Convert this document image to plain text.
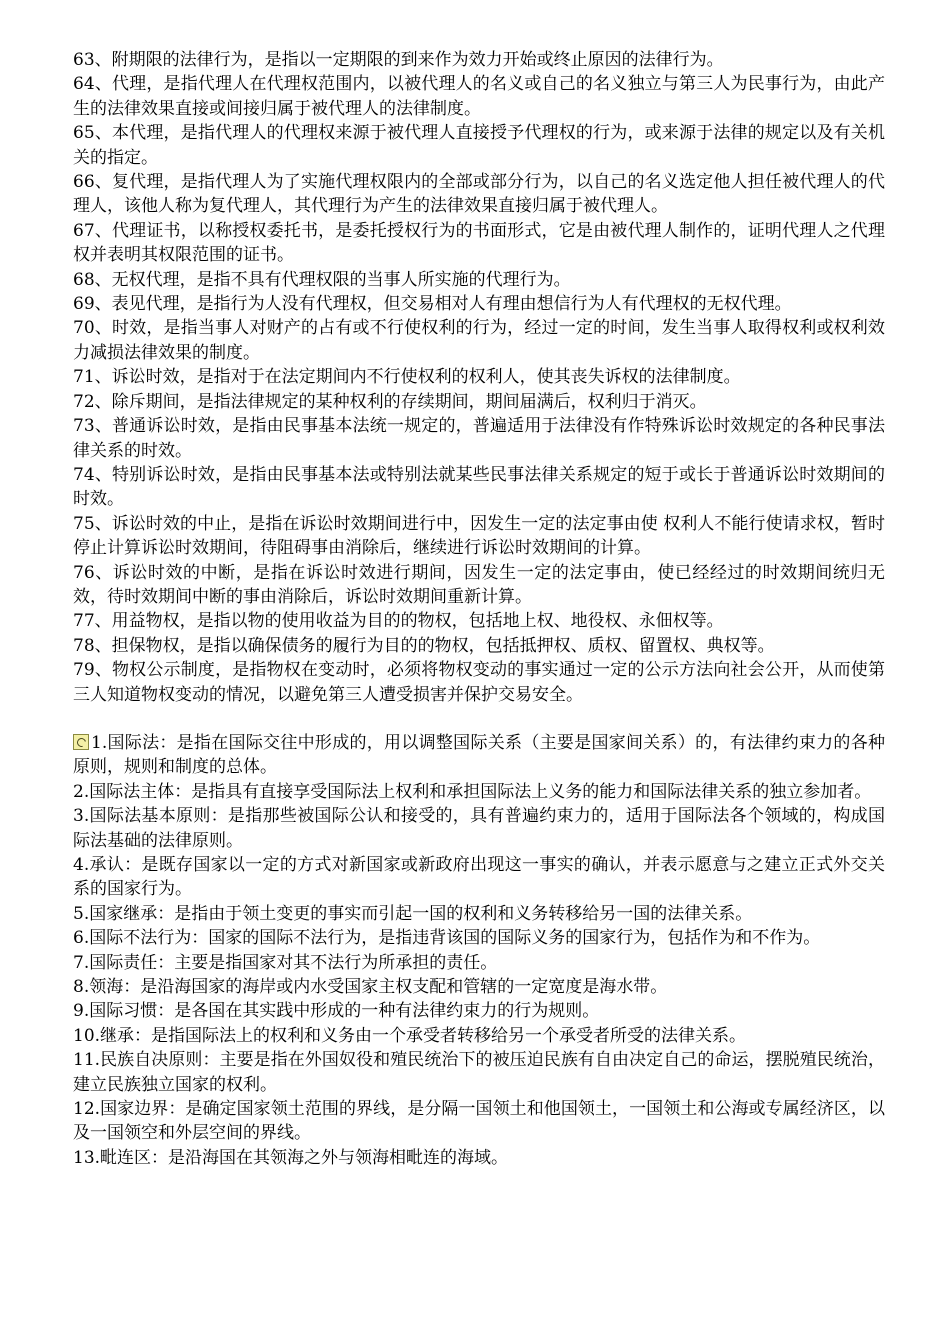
63、附期限的法律行为，是指以一定期限的到来作为效力开始或终止原因的法律行为。

64、代理，是指代理人在代理权范围内，以被代理人的名义或自己的名义独立与第三人为民事行为，由此产生的法律效果直接或间接归属于被代理人的法律制度。

65、本代理，是指代理人的代理权来源于被代理人直接授予代理权的行为，或来源于法律的规定以及有关机关的指定。

66、复代理，是指代理人为了实施代理权限内的全部或部分行为，以自己的名义选定他人担任被代理人的代理人，该他人称为复代理人，其代理行为产生的法律效果直接归属于被代理人。

67、代理证书，以称授权委托书，是委托授权行为的书面形式，它是由被代理人制作的，证明代理人之代理权并表明其权限范围的证书。

68、无权代理，是指不具有代理权限的当事人所实施的代理行为。

69、表见代理，是指行为人没有代理权，但交易相对人有理由想信行为人有代理权的无权代理。

70、时效，是指当事人对财产的占有或不行使权利的行为，经过一定的时间，发生当事人取得权利或权利效力减损法律效果的制度。

71、诉讼时效，是指对于在法定期间内不行使权利的权利人，使其丧失诉权的法律制度。

72、除斥期间，是指法律规定的某种权利的存续期间，期间届满后，权利归于消灭。

73、普通诉讼时效，是指由民事基本法统一规定的，普遍适用于法律没有作特殊诉讼时效规定的各种民事法律关系的时效。

74、特别诉讼时效，是指由民事基本法或特别法就某些民事法律关系规定的短于或长于普通诉讼时效期间的时效。

75、诉讼时效的中止，是指在诉讼时效期间进行中，因发生一定的法定事由使 权利人不能行使请求权，暂时停止计算诉讼时效期间，待阻碍事由消除后，继续进行诉讼时效期间的计算。

76、诉讼时效的中断，是指在诉讼时效进行期间，因发生一定的法定事由，使已经经过的时效期间统归无效，待时效期间中断的事由消除后，诉讼时效期间重新计算。

77、用益物权，是指以物的使用收益为目的的物权，包括地上权、地役权、永佃权等。

78、担保物权，是指以确保债务的履行为目的的物权，包括抵押权、质权、留置权、典权等。

79、物权公示制度，是指物权在变动时，必须将物权变动的事实通过一定的公示方法向社会公开，从而使第三人知道物权变动的情况，以避免第三人遭受损害并保护交易安全。

1.国际法：是指在国际交往中形成的，用以调整国际关系（主要是国家间关系）的，有法律约束力的各种原则，规则和制度的总体。

2.国际法主体：是指具有直接享受国际法上权利和承担国际法上义务的能力和国际法律关系的独立参加者。

3.国际法基本原则：是指那些被国际公认和接受的，具有普遍约束力的，适用于国际法各个领域的，构成国际法基础的法律原则。

4.承认：是既存国家以一定的方式对新国家或新政府出现这一事实的确认，并表示愿意与之建立正式外交关系的国家行为。

5.国家继承：是指由于领土变更的事实而引起一国的权利和义务转移给另一国的法律关系。

6.国际不法行为：国家的国际不法行为，是指违背该国的国际义务的国家行为，包括作为和不作为。

7.国际责任：主要是指国家对其不法行为所承担的责任。

8.领海：是沿海国家的海岸或内水受国家主权支配和管辖的一定宽度是海水带。

9.国际习惯：是各国在其实践中形成的一种有法律约束力的行为规则。

10.继承：是指国际法上的权利和义务由一个承受者转移给另一个承受者所受的法律关系。

11.民族自决原则：主要是指在外国奴役和殖民统治下的被压迫民族有自由决定自己的命运，摆脱殖民统治，建立民族独立国家的权利。

12.国家边界：是确定国家领土范围的界线，是分隔一国领土和他国领土，一国领土和公海或专属经济区，以及一国领空和外层空间的界线。

13.毗连区：是沿海国在其领海之外与领海相毗连的海域。
